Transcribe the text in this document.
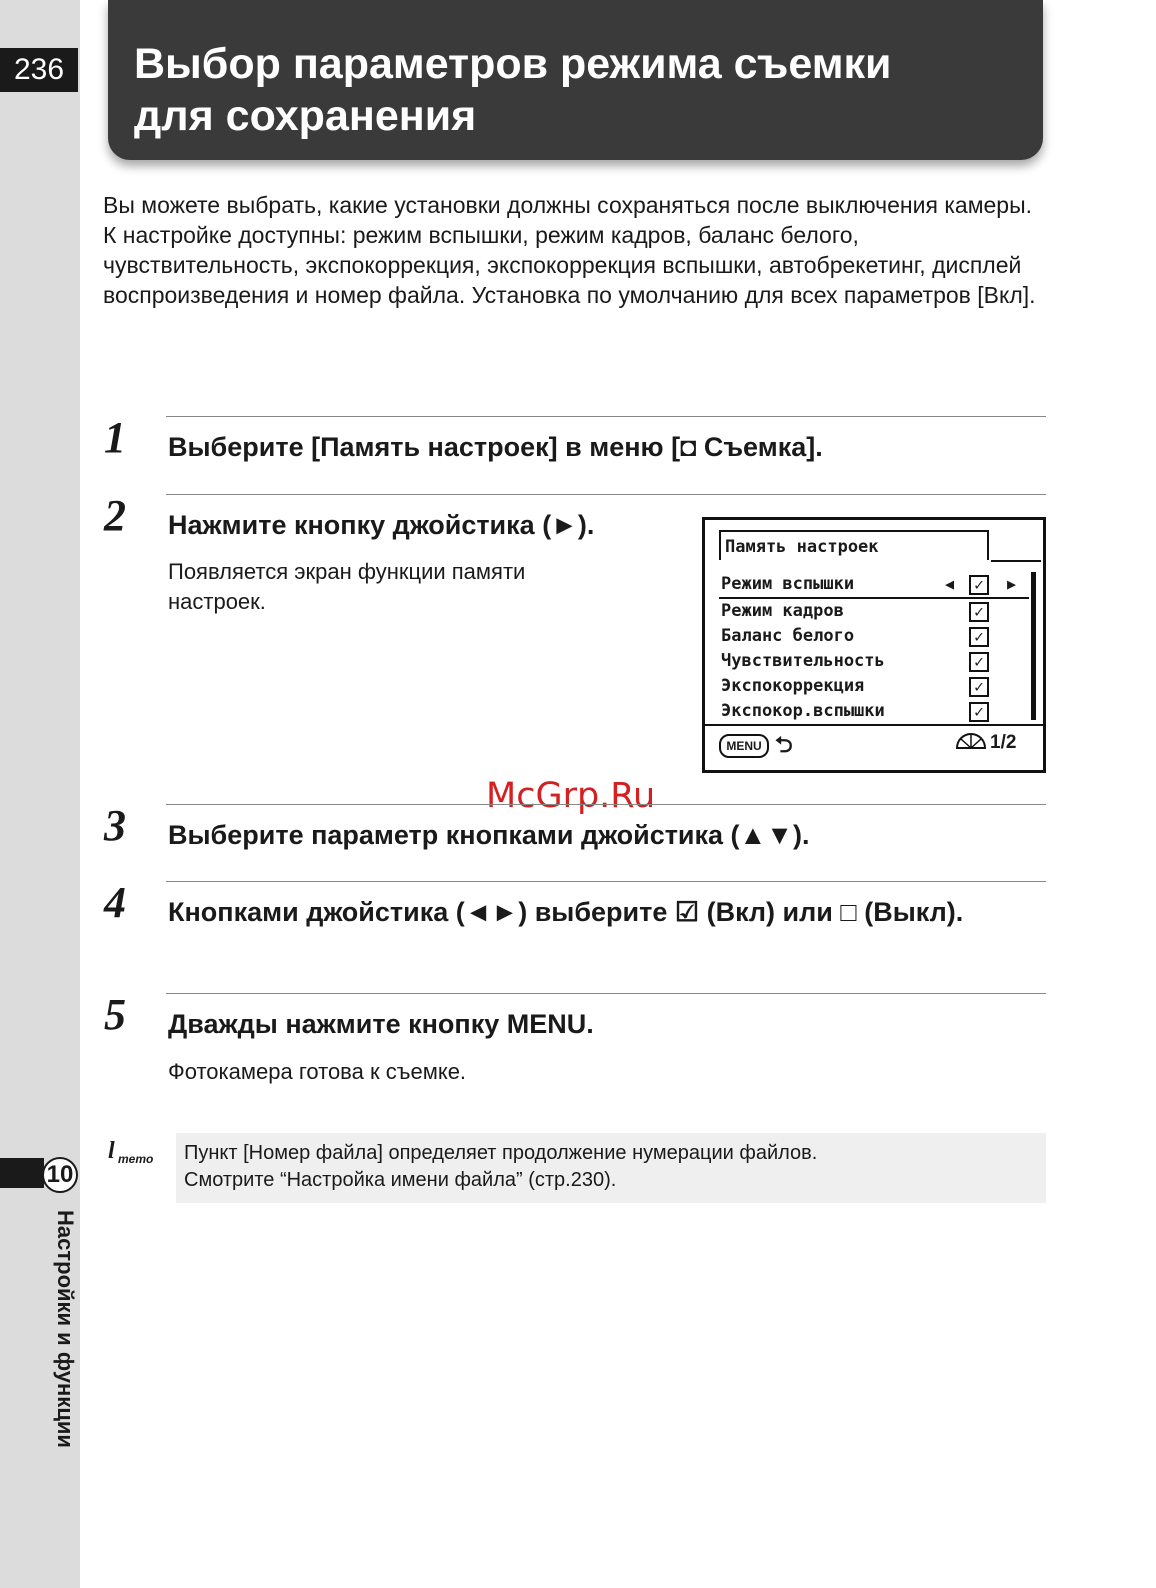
236
10
Настройки и функции
Выбор параметров режима съемки
для сохранения

Вы можете выбрать, какие установки должны сохраняться после выключения камеры.

К настройке доступны: режим вспышки, режим кадров, баланс белого, чувствительность, экспокоррекция, экспокоррекция вспышки, автобрекетинг, дисплей воспроизведения и номер файла. Установка по умолчанию для всех параметров [Вкл].

1 Выберите [Память настроек] в меню [◘ Съемка].
2 Нажмите кнопку джойстика (►).
Появляется экран функции памяти настроек.
Память настроек
Режим вспышки	◀	✓	▶
Режим кадров	✓
Баланс белого	✓
Чувствительность	✓
Экспокоррекция	✓
Экспокор.вспышки	✓
MENU ⮌	1/2
McGrp.Ru
3 Выберите параметр кнопками джойстика (▲▼).
4 Кнопками джойстика (◄►) выберите ☑ (Вкл) или □ (Выкл).
5 Дважды нажмите кнопку MENU.
Фотокамера готова к съемке.
l memo Пункт [Номер файла] определяет продолжение нумерации файлов.

Смотрите “Настройка имени файла” (стр.230).
